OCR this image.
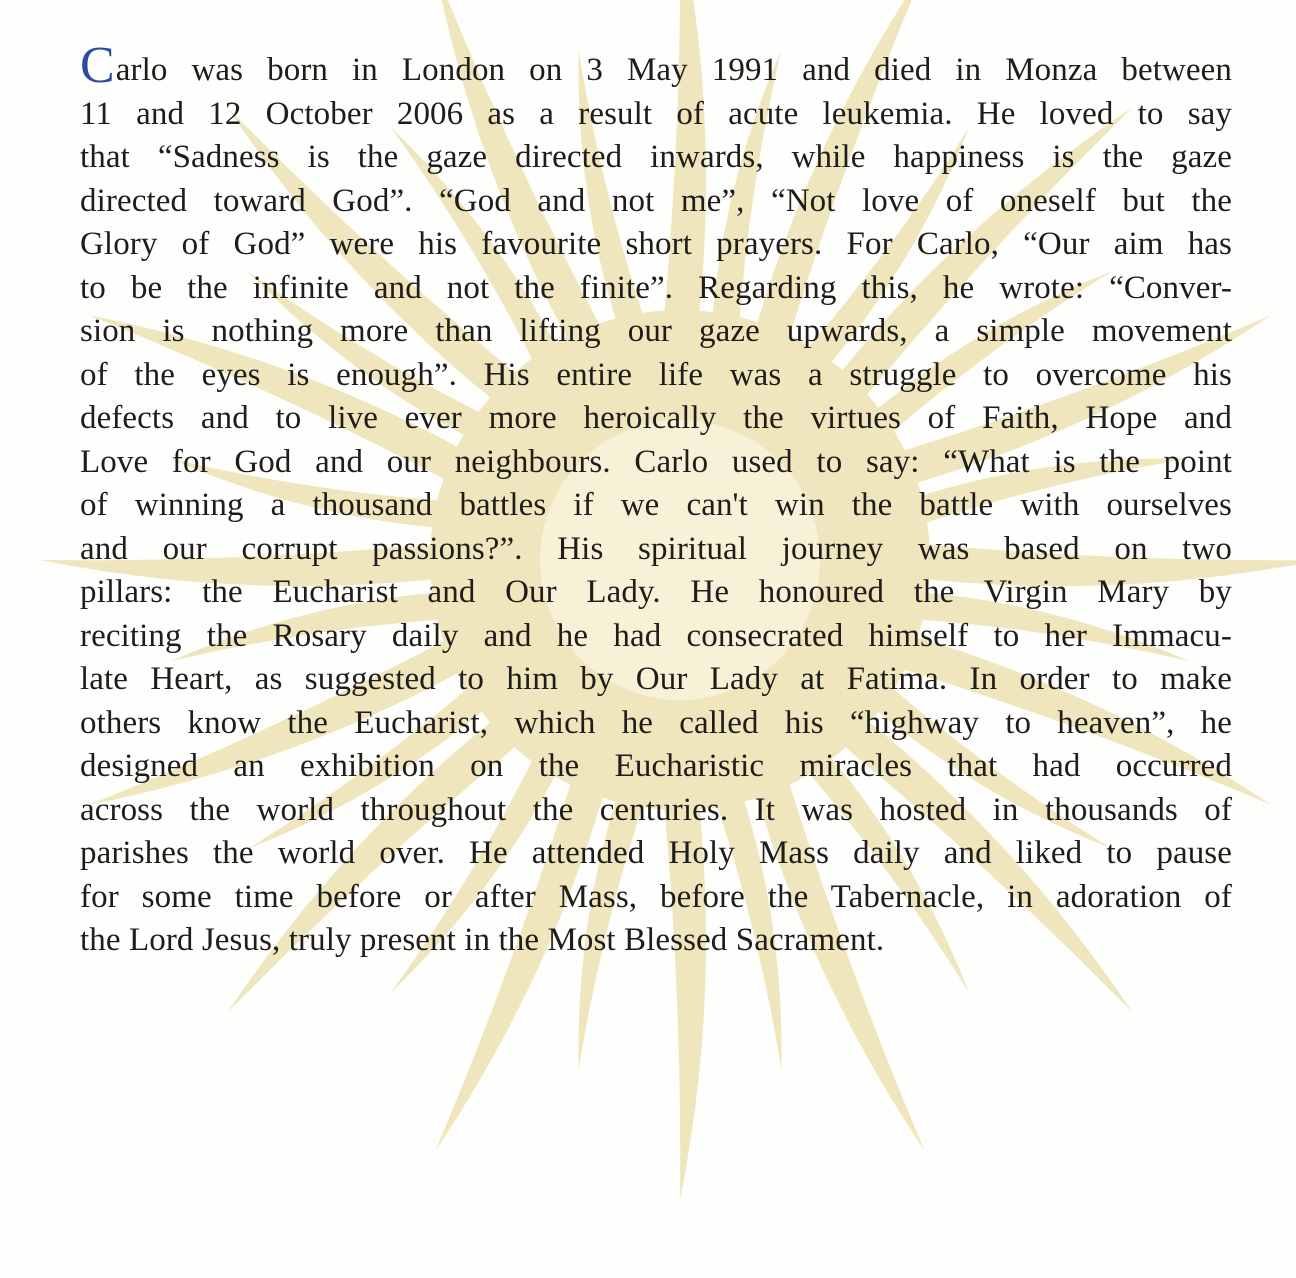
Carlo was born in London on 3 May 1991 and died in Monza between
11 and 12 October 2006 as a result of acute leukemia. He loved to say
that “Sadness is the gaze directed inwards, while happiness is the gaze
directed toward God”. “God and not me”, “Not love of oneself but the
Glory of God” were his favourite short prayers. For Carlo, “Our aim has
to be the infinite and not the finite”. Regarding this, he wrote: “Conver-
sion is nothing more than lifting our gaze upwards, a simple movement
of the eyes is enough”. His entire life was a struggle to overcome his
defects and to live ever more heroically the virtues of Faith, Hope and
Love for God and our neighbours. Carlo used to say: “What is the point
of winning a thousand battles if we can't win the battle with ourselves
and our corrupt passions?”. His spiritual journey was based on two
pillars: the Eucharist and Our Lady. He honoured the Virgin Mary by
reciting the Rosary daily and he had consecrated himself to her Immacu-
late Heart, as suggested to him by Our Lady at Fatima. In order to make
others know the Eucharist, which he called his “highway to heaven”, he
designed an exhibition on the Eucharistic miracles that had occurred
across the world throughout the centuries. It was hosted in thousands of
parishes the world over. He attended Holy Mass daily and liked to pause
for some time before or after Mass, before the Tabernacle, in adoration of
the Lord Jesus, truly present in the Most Blessed Sacrament.
